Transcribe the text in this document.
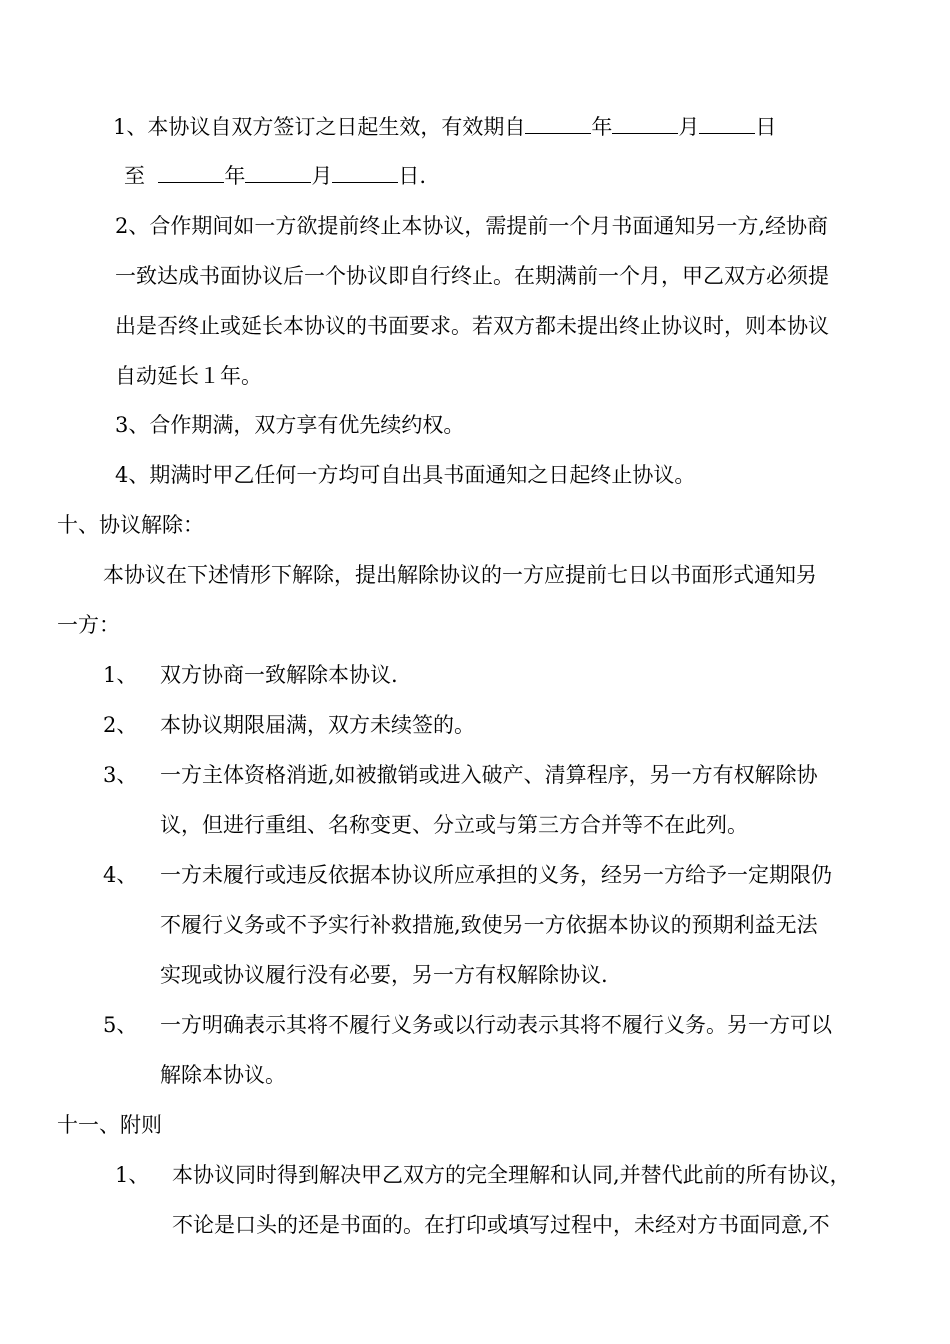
1、本协议自双方签订之日起生效，有效期自	年	月	日
至	年	月	日.
2、合作期间如一方欲提前终止本协议，需提前一个月书面通知另一方,经协商
一致达成书面协议后一个协议即自行终止。在期满前一个月，甲乙双方必须提
出是否终止或延长本协议的书面要求。若双方都未提出终止协议时，则本协议
自动延长１年。
3、合作期满，双方享有优先续约权。
4、期满时甲乙任何一方均可自出具书面通知之日起终止协议。
十、协议解除：
本协议在下述情形下解除，提出解除协议的一方应提前七日以书面形式通知另
一方：
1、 双方协商一致解除本协议.
2、 本协议期限届满，双方未续签的。
3、 一方主体资格消逝,如被撤销或进入破产、清算程序，另一方有权解除协
议，但进行重组、名称变更、分立或与第三方合并等不在此列。
4、 一方未履行或违反依据本协议所应承担的义务，经另一方给予一定期限仍
不履行义务或不予实行补救措施,致使另一方依据本协议的预期利益无法
实现或协议履行没有必要，另一方有权解除协议.
5、 一方明确表示其将不履行义务或以行动表示其将不履行义务。另一方可以
解除本协议。
十一、附则
1、 本协议同时得到解决甲乙双方的完全理解和认同,并替代此前的所有协议，
不论是口头的还是书面的。在打印或填写过程中，未经对方书面同意,不
